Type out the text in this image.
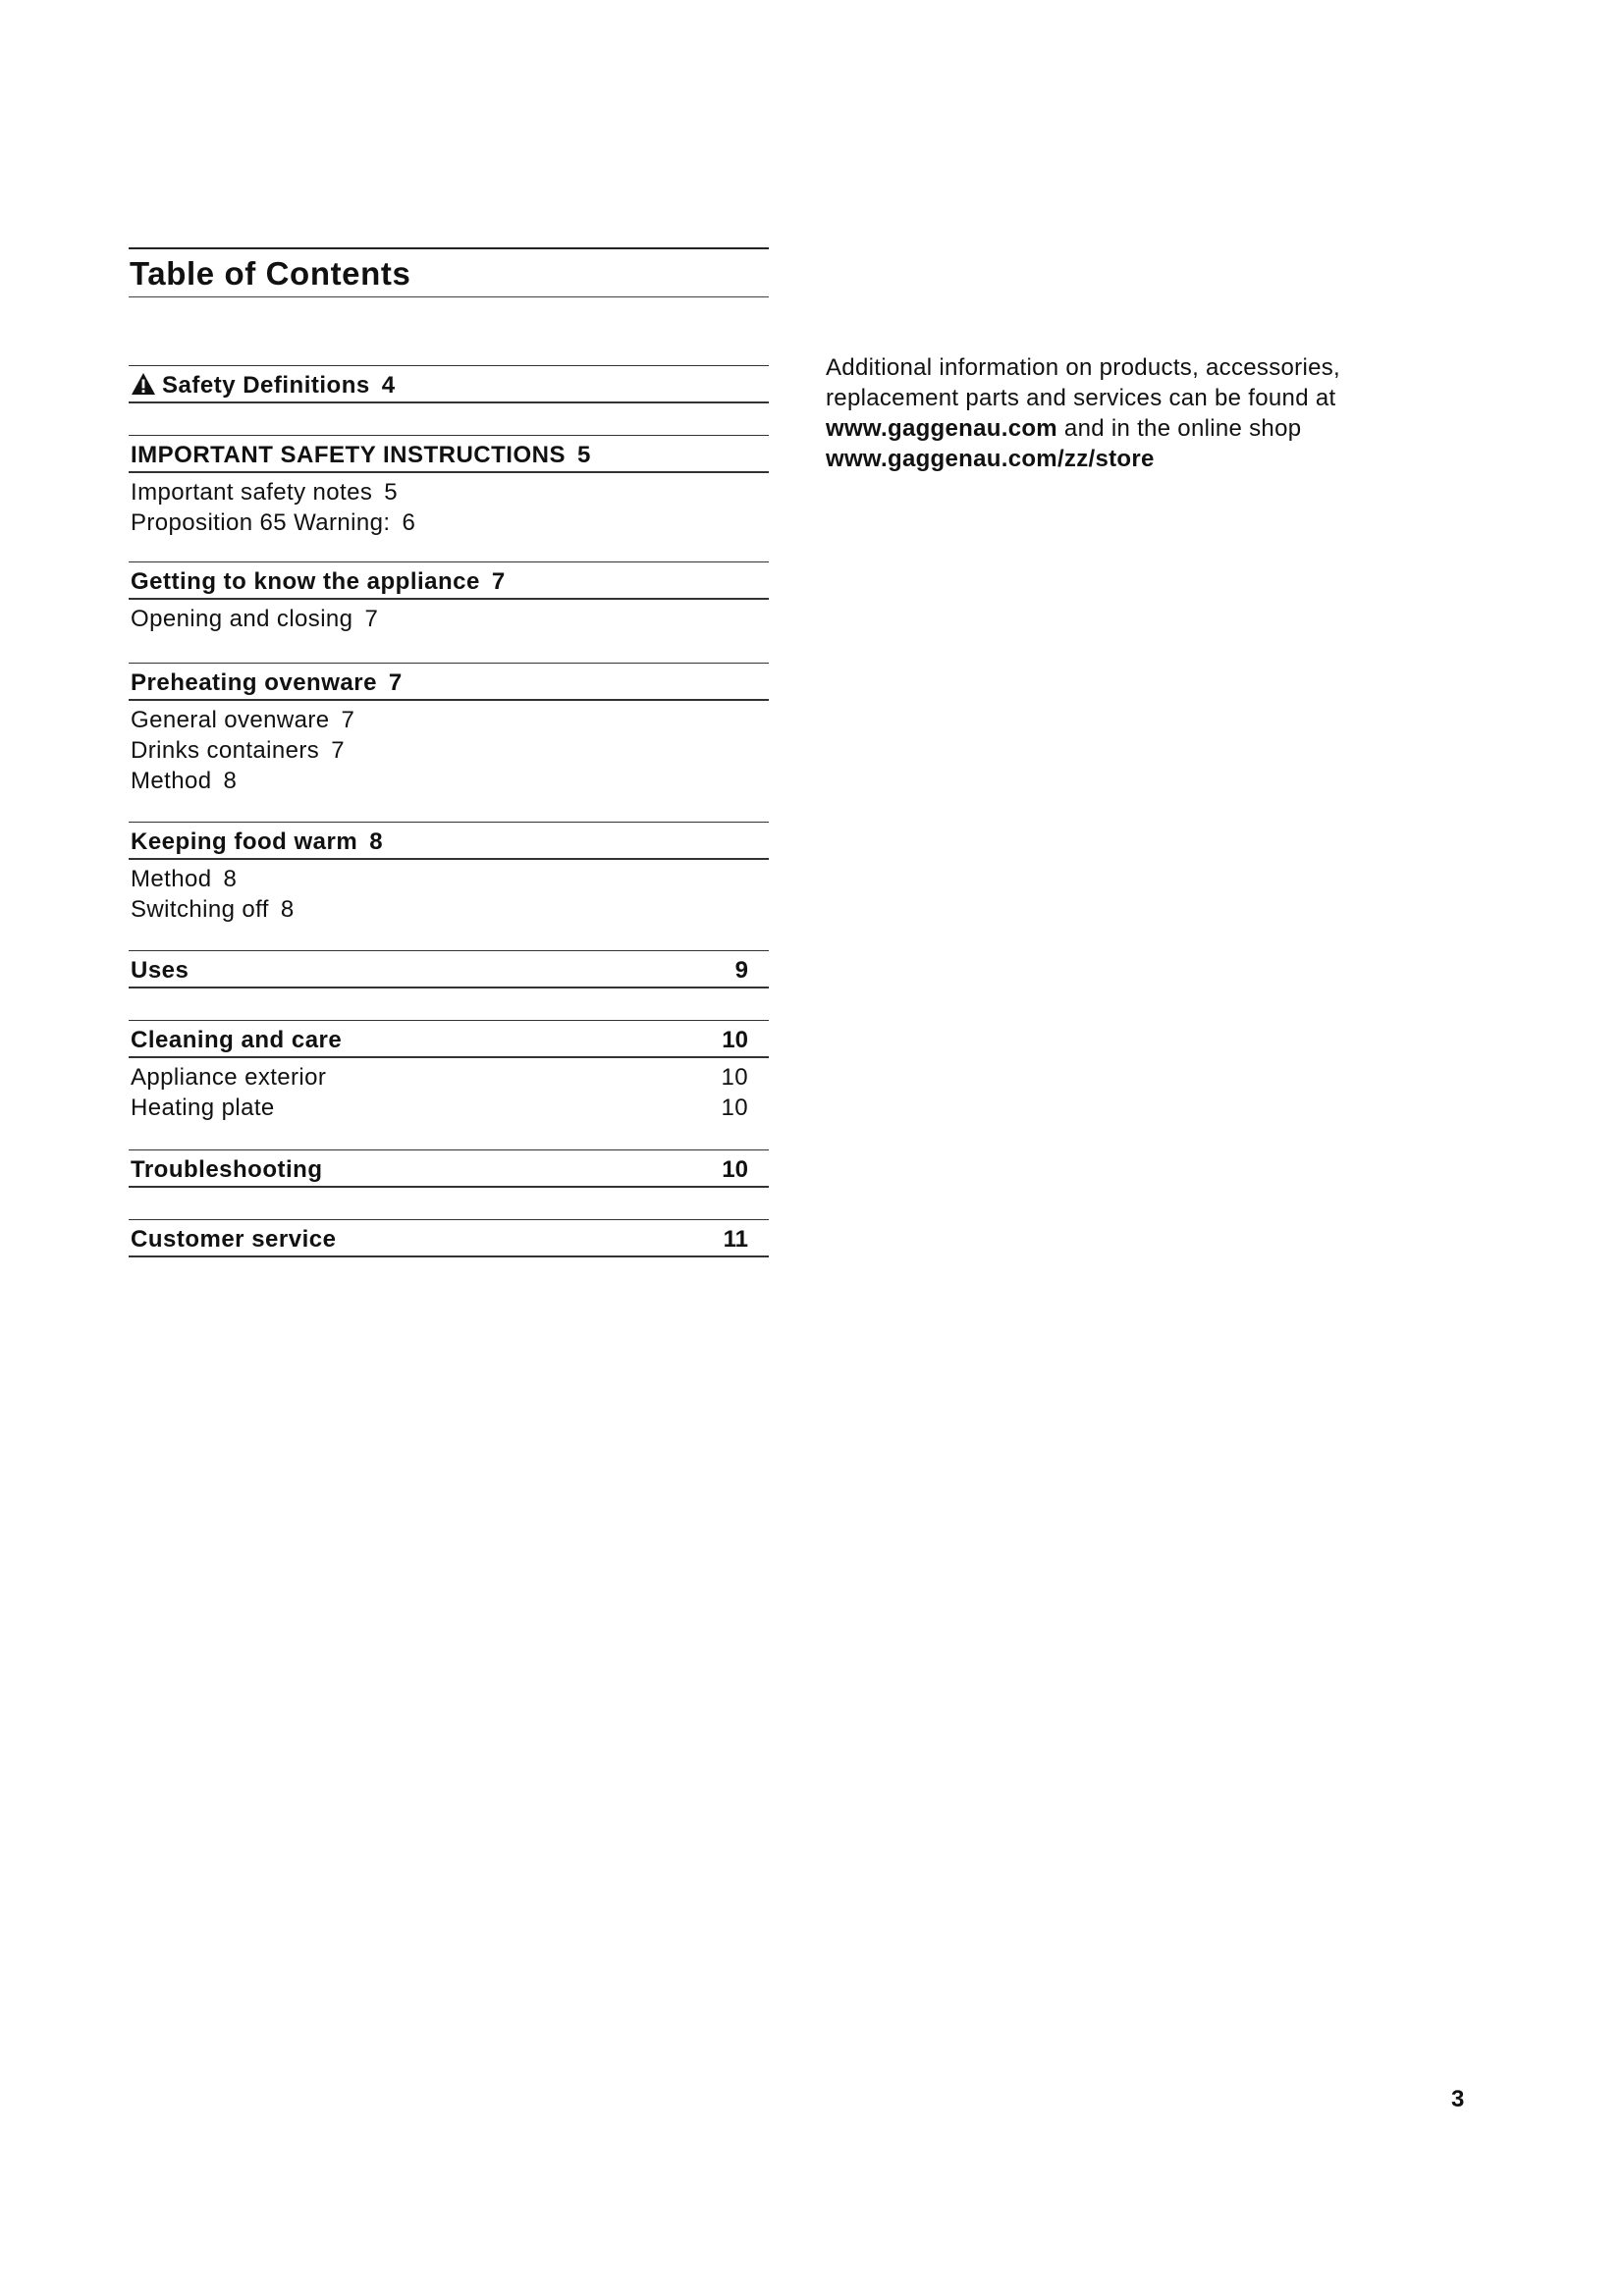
Table of Contents
Safety Definitions 4
IMPORTANT SAFETY INSTRUCTIONS 5
Important safety notes 5
Proposition 65 Warning: 6
Getting to know the appliance 7
Opening and closing 7
Preheating ovenware 7
General ovenware 7
Drinks containers 7
Method 8
Keeping food warm 8
Method 8
Switching off 8
Uses	9
Cleaning and care	10
Appliance exterior	10
Heating plate	10
Troubleshooting	10
Customer service	11
Additional information on products, accessories,
replacement parts and services can be found at
www.gaggenau.com and in the online shop
www.gaggenau.com/zz/store
3
